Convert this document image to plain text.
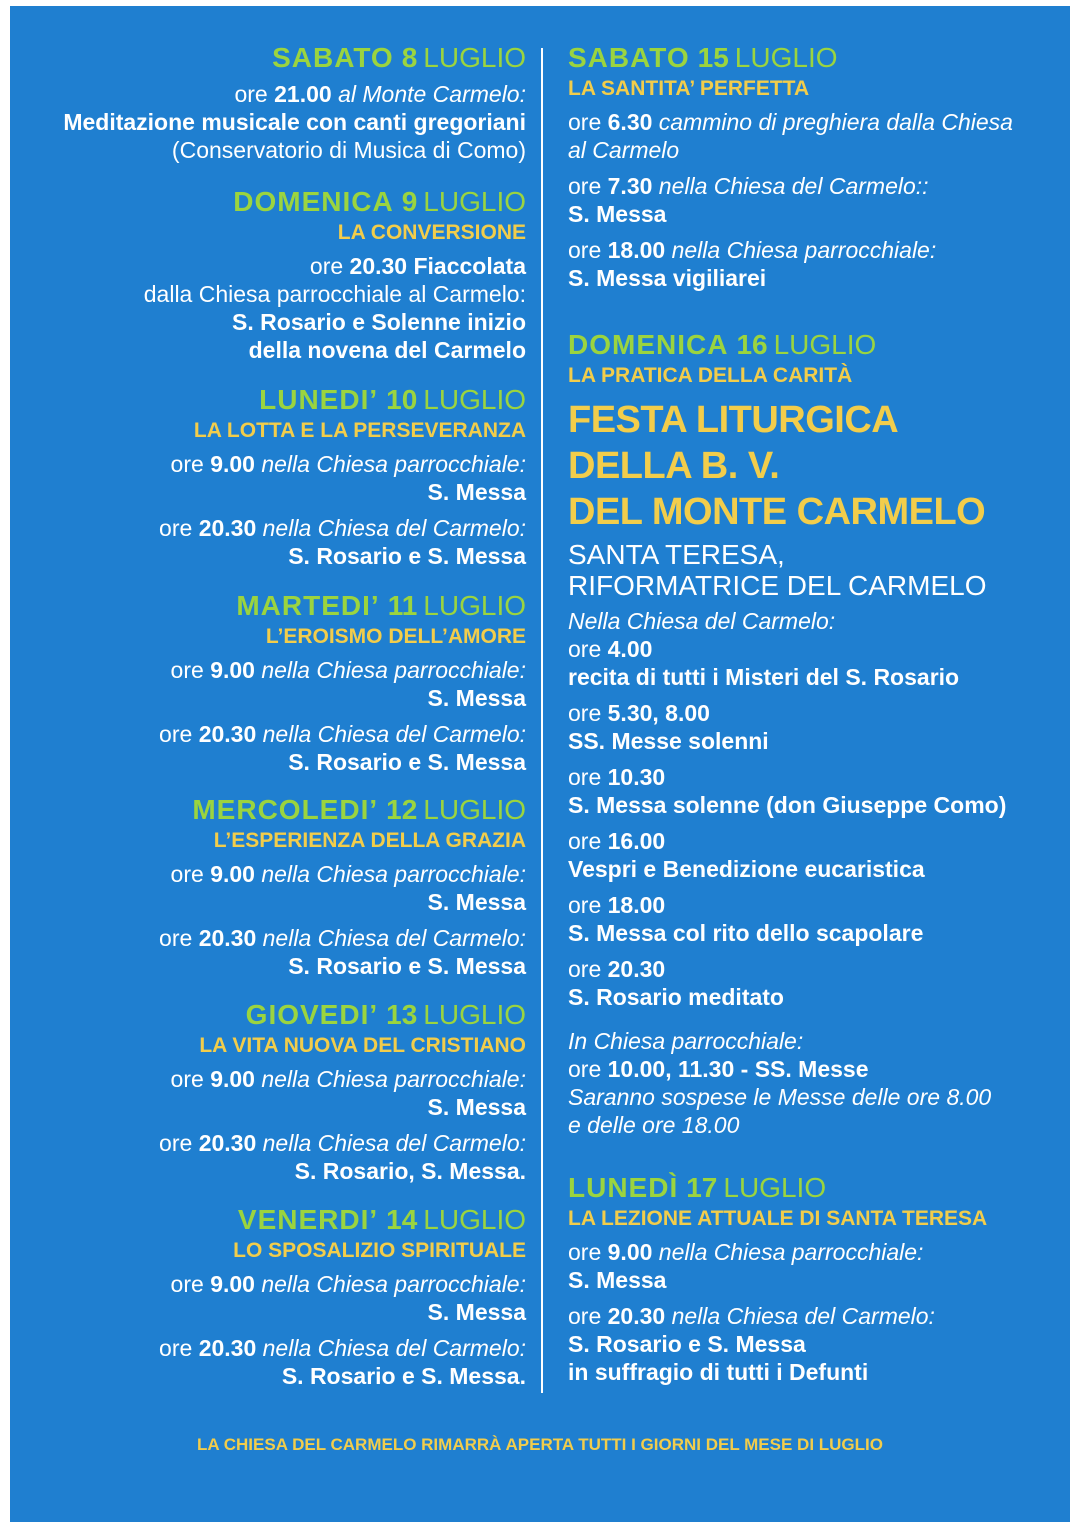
SABATO 8 LUGLIO
ore 21.00 al Monte Carmelo:
Meditazione musicale con canti gregoriani
(Conservatorio di Musica di Como)
DOMENICA 9 LUGLIO
LA CONVERSIONE
ore 20.30 Fiaccolata
dalla Chiesa parrocchiale al Carmelo:
S. Rosario e Solenne inizio
della novena del Carmelo
LUNEDI’ 10 LUGLIO
LA LOTTA E LA PERSEVERANZA
ore 9.00 nella Chiesa parrocchiale:
S. Messa
ore 20.30 nella Chiesa del Carmelo:
S. Rosario e S. Messa
MARTEDI’ 11 LUGLIO
L’EROISMO DELL’AMORE
ore 9.00 nella Chiesa parrocchiale:
S. Messa
ore 20.30 nella Chiesa del Carmelo:
S. Rosario e S. Messa
MERCOLEDI’ 12 LUGLIO
L’ESPERIENZA DELLA GRAZIA
ore 9.00 nella Chiesa parrocchiale:
S. Messa
ore 20.30 nella Chiesa del Carmelo:
S. Rosario e S. Messa
GIOVEDI’ 13 LUGLIO
LA VITA NUOVA DEL CRISTIANO
ore 9.00 nella Chiesa parrocchiale:
S. Messa
ore 20.30 nella Chiesa del Carmelo:
S. Rosario, S. Messa.
VENERDI’ 14 LUGLIO
LO SPOSALIZIO SPIRITUALE
ore 9.00 nella Chiesa parrocchiale:
S. Messa
ore 20.30 nella Chiesa del Carmelo:
S. Rosario e S. Messa.
SABATO 15 LUGLIO
LA SANTITA’ PERFETTA
ore 6.30 cammino di preghiera dalla Chiesa
al Carmelo
ore 7.30 nella Chiesa del Carmelo::
S. Messa
ore 18.00 nella Chiesa parrocchiale:
S. Messa vigiliarei
DOMENICA 16 LUGLIO
LA PRATICA DELLA CARITÀ
FESTA LITURGICA
DELLA B. V.
DEL MONTE CARMELO
SANTA TERESA,
RIFORMATRICE DEL CARMELO
Nella Chiesa del Carmelo:
ore 4.00
recita di tutti i Misteri del S. Rosario
ore 5.30, 8.00
SS. Messe solenni
ore 10.30
S. Messa solenne (don Giuseppe Como)
ore 16.00
Vespri e Benedizione eucaristica
ore 18.00
S. Messa col rito dello scapolare
ore 20.30
S. Rosario meditato
In Chiesa parrocchiale:
ore 10.00, 11.30 - SS. Messe
Saranno sospese le Messe delle ore 8.00
e delle ore 18.00
LUNEDÌ 17 LUGLIO
LA LEZIONE ATTUALE DI SANTA TERESA
ore 9.00 nella Chiesa parrocchiale:
S. Messa
ore 20.30 nella Chiesa del Carmelo:
S. Rosario e S. Messa
in suffragio di tutti i Defunti
LA CHIESA DEL CARMELO RIMARRÀ APERTA TUTTI I GIORNI DEL MESE DI LUGLIO
